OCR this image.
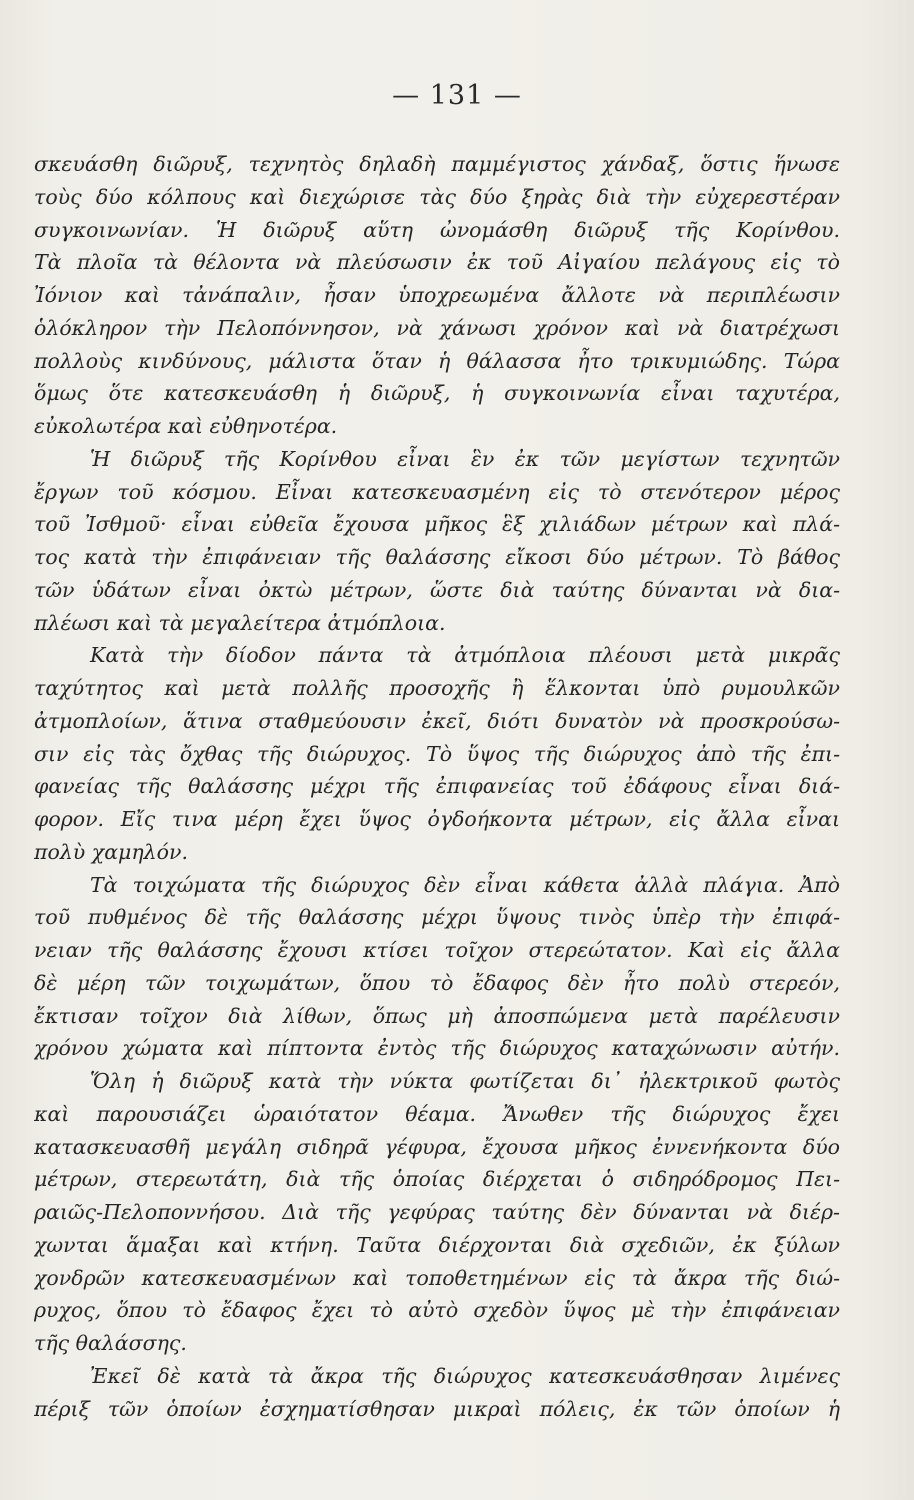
— 131 —
σκευάσθη διῶρυξ, τεχνητὸς δηλαδὴ παμμέγιστος χάνδαξ, ὅστις ἥνωσε
τοὺς δύο κόλπους καὶ διεχώρισε τὰς δύο ξηρὰς διὰ τὴν εὐχερεστέραν
συγκοινωνίαν. Ἡ διῶρυξ αὕτη ὠνομάσθη διῶρυξ τῆς Κορίνθου.
Τὰ πλοῖα τὰ θέλοντα νὰ πλεύσωσιν ἐκ τοῦ Αἰγαίου πελάγους εἰς τὸ
Ἰόνιον καὶ τἀνάπαλιν, ἦσαν ὑποχρεωμένα ἄλλοτε νὰ περιπλέωσιν
ὁλόκληρον τὴν Πελοπόννησον, νὰ χάνωσι χρόνον καὶ νὰ διατρέχωσι
πολλοὺς κινδύνους, μάλιστα ὅταν ἡ θάλασσα ἦτο τρικυμιώδης. Τώρα
ὅμως ὅτε κατεσκευάσθη ἡ διῶρυξ, ἡ συγκοινωνία εἶναι ταχυτέρα,
εὐκολωτέρα καὶ εὐθηνοτέρα.
Ἡ διῶρυξ τῆς Κορίνθου εἶναι ἓν ἐκ τῶν μεγίστων τεχνητῶν
ἔργων τοῦ κόσμου. Εἶναι κατεσκευασμένη εἰς τὸ στενότερον μέρος
τοῦ Ἰσθμοῦ· εἶναι εὐθεῖα ἔχουσα μῆκος ἓξ χιλιάδων μέτρων καὶ πλά-
τος κατὰ τὴν ἐπιφάνειαν τῆς θαλάσσης εἴκοσι δύο μέτρων. Τὸ βάθος
τῶν ὑδάτων εἶναι ὀκτὼ μέτρων, ὥστε διὰ ταύτης δύνανται νὰ δια-
πλέωσι καὶ τὰ μεγαλείτερα ἀτμόπλοια.
Κατὰ τὴν δίοδον πάντα τὰ ἀτμόπλοια πλέουσι μετὰ μικρᾶς
ταχύτητος καὶ μετὰ πολλῆς προσοχῆς ἢ ἕλκονται ὑπὸ ρυμουλκῶν
ἀτμοπλοίων, ἅτινα σταθμεύουσιν ἐκεῖ, διότι δυνατὸν νὰ προσκρούσω-
σιν εἰς τὰς ὄχθας τῆς διώρυχος. Τὸ ὕψος τῆς διώρυχος ἀπὸ τῆς ἐπι-
φανείας τῆς θαλάσσης μέχρι τῆς ἐπιφανείας τοῦ ἐδάφους εἶναι διά-
φορον. Εἴς τινα μέρη ἔχει ὕψος ὀγδοήκοντα μέτρων, εἰς ἄλλα εἶναι
πολὺ χαμηλόν.
Τὰ τοιχώματα τῆς διώρυχος δὲν εἶναι κάθετα ἀλλὰ πλάγια. Ἀπὸ
τοῦ πυθμένος δὲ τῆς θαλάσσης μέχρι ὕψους τινὸς ὑπὲρ τὴν ἐπιφά-
νειαν τῆς θαλάσσης ἔχουσι κτίσει τοῖχον στερεώτατον. Καὶ εἰς ἄλλα
δὲ μέρη τῶν τοιχωμάτων, ὅπου τὸ ἔδαφος δὲν ἦτο πολὺ στερεόν,
ἔκτισαν τοῖχον διὰ λίθων, ὅπως μὴ ἀποσπώμενα μετὰ παρέλευσιν
χρόνου χώματα καὶ πίπτοντα ἐντὸς τῆς διώρυχος καταχώνωσιν αὐτήν.
Ὅλη ἡ διῶρυξ κατὰ τὴν νύκτα φωτίζεται δι᾽ ἠλεκτρικοῦ φωτὸς
καὶ παρουσιάζει ὡραιότατον θέαμα. Ἄνωθεν τῆς διώρυχος ἔχει
κατασκευασθῆ μεγάλη σιδηρᾶ γέφυρα, ἔχουσα μῆκος ἐννενήκοντα δύο
μέτρων, στερεωτάτη, διὰ τῆς ὁποίας διέρχεται ὁ σιδηρόδρομος Πει-
ραιῶς-Πελοποννήσου. Διὰ τῆς γεφύρας ταύτης δὲν δύνανται νὰ διέρ-
χωνται ἅμαξαι καὶ κτήνη. Ταῦτα διέρχονται διὰ σχεδιῶν, ἐκ ξύλων
χονδρῶν κατεσκευασμένων καὶ τοποθετημένων εἰς τὰ ἄκρα τῆς διώ-
ρυχος, ὅπου τὸ ἔδαφος ἔχει τὸ αὐτὸ σχεδὸν ὕψος μὲ τὴν ἐπιφάνειαν
τῆς θαλάσσης.
Ἐκεῖ δὲ κατὰ τὰ ἄκρα τῆς διώρυχος κατεσκευάσθησαν λιμένες
πέριξ τῶν ὁποίων ἐσχηματίσθησαν μικραὶ πόλεις, ἐκ τῶν ὁποίων ἡ
